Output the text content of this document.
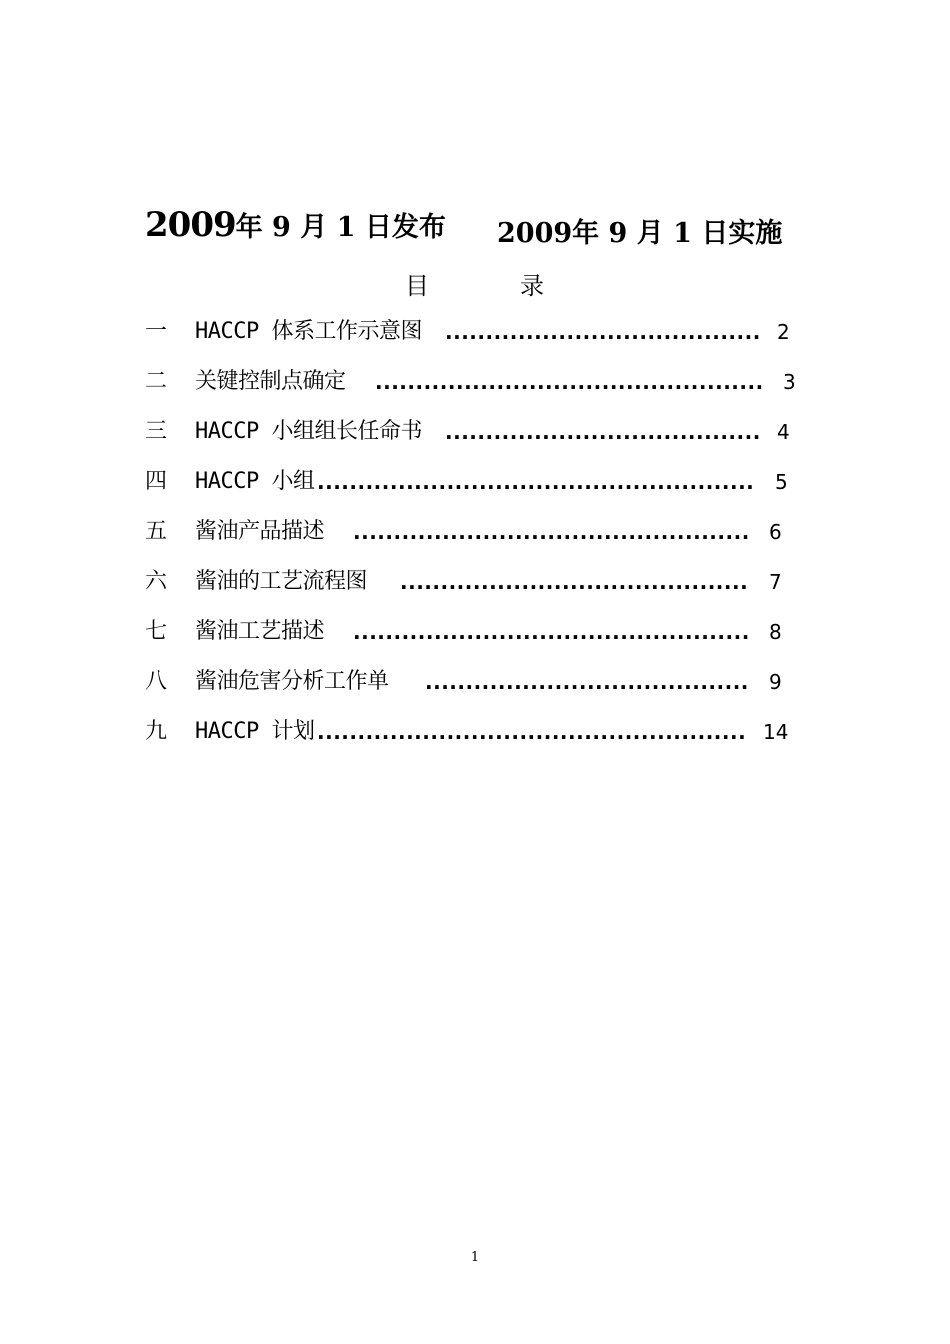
2009年 9 月 1 日发布 2009年 9 月 1 日实施
目	录
一	HACCP 体系工作示意图 ....................................... 2
二	关键控制点确定 ................................................ 3
三	HACCP 小组组长任命书 ....................................... 4
四	HACCP 小组 ......................................................	5
五	酱油产品描述 ................................................. 6
六	酱油的工艺流程图 ...........................................	7
七	酱油工艺描述 ................................................. 8
八	酱油危害分析工作单 ........................................	9
九	HACCP 计划 ..................................................... 14
1
